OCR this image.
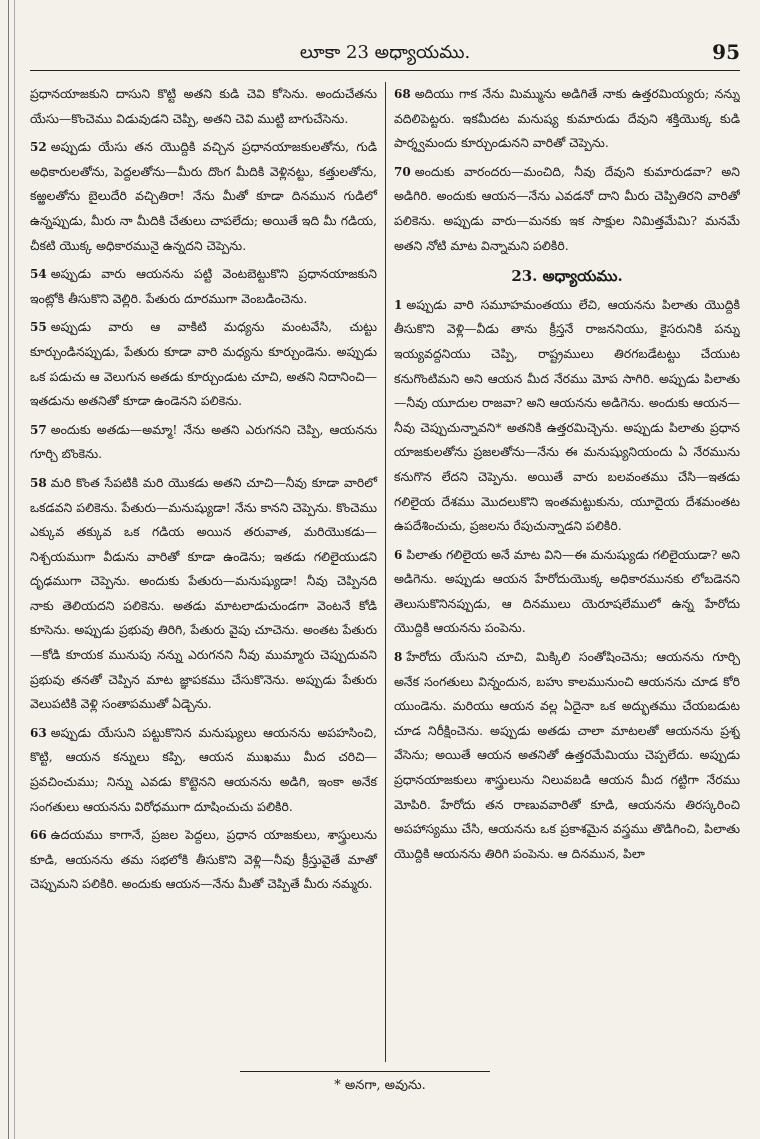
లూకా 23 అధ్యాయము.	95

ప్రధానయాజకుని దాసుని కొట్టి అతని కుడి చెవి కోసెను. అందుచేతను యేసు—కొంచెము విడువుడని చెప్పి, అతని చెవి ముట్టి బాగుచేసెను.

52 అప్పుడు యేసు తన యొద్దికి వచ్చిన ప్రధానయాజకులతోను, గుడి అధికారులతోను, పెద్దలతోను—మీరు దొంగ మీదికి వెళ్లినట్టు, కత్తులతోను, కఱ్ఱలతోను బైలుదేరి వచ్చితిరా! నేను మీతో కూడా దినమున గుడిలో ఉన్నప్పుడు, మీరు నా మీదికి చేతులు చాపలేదు; అయితే ఇది మీ గడియ, చీకటి యొక్క అధికారమునై ఉన్నదని చెప్పెను.

54 అప్పుడు వారు ఆయనను పట్టి వెంటబెట్టుకొని ప్రధానయాజకుని ఇంట్లోకి తీసుకొని వెల్లిరి. పేతురు దూరముగా వెంబడించెను.

55 అప్పుడు వారు ఆ వాకిటి మధ్యను మంటవేసి, చుట్టు కూర్చుండినప్పుడు, పేతురు కూడా వారి మధ్యను కూర్చుండెను. అప్పుడు ఒక పడుచు ఆ వెలుగున అతడు కూర్చుండుట చూచి, అతని నిదానించి—ఇతడును అతనితో కూడా ఉండెనని పలికెను.

57 అందుకు అతడు—అమ్మా! నేను అతని ఎరుగనని చెప్పి, ఆయనను గూర్చి బొంకెను.

58 మరి కొంత సేపటికి మరి యొకడు అతని చూచి—నీవు కూడా వారిలో ఒకడవని పలికెను. పేతురు—మనుష్యుడా! నేను కానని చెప్పెను. కొంచెము ఎక్కువ తక్కువ ఒక గడియ అయిన తరువాత, మరియొకడు—నిశ్చయముగా వీడును వారితో కూడా ఉండెను; ఇతడు గలిలైయుడని దృఢముగా చెప్పెను. అందుకు పేతురు—మనుష్యుడా! నీవు చెప్పినది నాకు తెలియదని పలికెను. అతడు మాటలాడుచుండగా వెంటనే కోడి కూసెను. అప్పుడు ప్రభువు తిరిగి, పేతురు వైపు చూచెను. అంతట పేతురు—కోడి కూయక మునుపు నన్ను ఎరుగనని నీవు ముమ్మారు చెప్పుదువని ప్రభువు తనతో చెప్పిన మాట జ్ఞాపకము చేసుకొనెను. అప్పుడు పేతురు వెలుపటికి వెళ్లి సంతాపముతో ఏడ్చెను.

63 అప్పుడు యేసుని పట్టుకొనిన మనుష్యులు ఆయనను అపహసించి, కొట్టి, ఆయన కన్నులు కప్పి, ఆయన ముఖము మీద చరిచి—ప్రవచించుము; నిన్ను ఎవడు కొట్టెనని ఆయనను అడిగి, ఇంకా అనేక సంగతులు ఆయనను విరోధముగా దూషించుచు పలికిరి.

66 ఉదయము కాగానే, ప్రజల పెద్దలు, ప్రధాన యాజకులు, శాస్త్రులును కూడి, ఆయనను తమ సభలోకి తీసుకొని వెళ్లి—నీవు క్రీస్తువైతే మాతో చెప్పుమని పలికిరి. అందుకు ఆయన—నేను మీతో చెప్పితే మీరు నమ్మరు.

68 అదియు గాక నేను మిమ్మును అడిగితే నాకు ఉత్తరమియ్యరు; నన్ను వదిలిపెట్టరు. ఇకమీదట మనుష్య కుమారుడు దేవుని శక్తియొక్క కుడి పార్శ్వమందు కూర్చుండునని వారితో చెప్పెను.

70 అందుకు వారందరు—మంచిది, నీవు దేవుని కుమారుడవా? అని అడిగిరి. అందుకు ఆయన—నేను ఎవడనో దాని మీరు చెప్పితిరని వారితో పలికెను. అప్పుడు వారు—మనకు ఇక సాక్షుల నిమిత్తమేమి? మనమే అతని నోటి మాట విన్నామని పలికిరి.

23. అధ్యాయము.

1 అప్పుడు వారి సమూహమంతయు లేచి, ఆయనను పిలాతు యొద్దికి తీసుకొని వెళ్లి—వీడు తాను క్రీస్తనే రాజననియు, కైసరునికి పన్ను ఇయ్యవద్దనియు చెప్పి, రాష్ట్రములు తిరగబడేటట్టు చేయుట కనుగొంటిమని అని ఆయన మీద నేరము మోప సాగిరి. అప్పుడు పిలాతు—నీవు యూదుల రాజవా? అని ఆయనను అడిగెను. అందుకు ఆయన—నీవు చెప్పుచున్నావని* అతనికి ఉత్తరమిచ్చెను. అప్పుడు పిలాతు ప్రధాన యాజకులతోను ప్రజలతోను—నేను ఈ మనుష్యునియందు ఏ నేరమును కనుగొన లేదని చెప్పెను. అయితే వారు బలవంతము చేసి—ఇతడు గలిలైయ దేశము మొదలుకొని ఇంతమట్టుకును, యూదైయ దేశమంతట ఉపదేశించుచు, ప్రజలను రేపుచున్నాడని పలికిరి.

6 పిలాతు గలిలైయ అనే మాట విని—ఈ మనుష్యుడు గలిలైయుడా? అని అడిగెను. అప్పుడు ఆయన హేరోదుయొక్క అధికారమునకు లోబడెనని తెలుసుకొనినప్పుడు, ఆ దినములు యెరూషలేములో ఉన్న హేరోదు యొద్దికి ఆయనను పంపెను.

8 హేరోదు యేసుని చూచి, మిక్కిలి సంతోషించెను; ఆయనను గూర్చి అనేక సంగతులు విన్నందున, బహు కాలమునుంచి ఆయనను చూడ కోరి యుండెను. మరియు ఆయన వల్ల ఏదైనా ఒక అద్భుతము చేయబడుట చూడ నిరీక్షించెను. అప్పుడు అతడు చాలా మాటలతో ఆయనను ప్రశ్న వేసెను; అయితే ఆయన అతనితో ఉత్తరమేమియు చెప్పలేదు. అప్పుడు ప్రధానయాజకులు శాస్త్రులును నిలువబడి ఆయన మీద గట్టిగా నేరము మోపిరి. హేరోదు తన రాణువవారితో కూడి, ఆయనను తిరస్కరించి అపహాస్యము చేసి, ఆయనను ఒక ప్రకాశమైన వస్త్రము తొడిగించి, పిలాతు యొద్దికి ఆయనను తిరిగి పంపెను. ఆ దినమున, పిలా

* అనగా, అవును.
